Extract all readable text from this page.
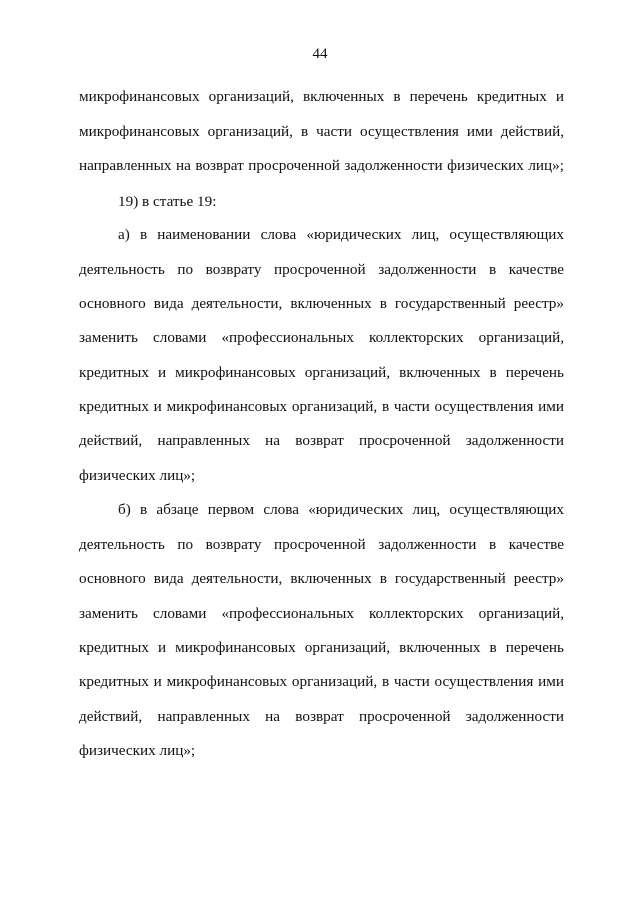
44
микрофинансовых организаций, включенных в перечень кредитных и
микрофинансовых организаций, в части осуществления ими действий,
направленных на возврат просроченной задолженности физических лиц»;
19) в статье 19:
а) в наименовании слова «юридических лиц, осуществляющих
деятельность по возврату просроченной задолженности в качестве
основного вида деятельности, включенных в государственный реестр»
заменить словами «профессиональных коллекторских организаций,
кредитных и микрофинансовых организаций, включенных в перечень
кредитных и микрофинансовых организаций, в части осуществления ими
действий, направленных на возврат просроченной задолженности
физических лиц»;
б) в абзаце первом слова «юридических лиц, осуществляющих
деятельность по возврату просроченной задолженности в качестве
основного вида деятельности, включенных в государственный реестр»
заменить словами «профессиональных коллекторских организаций,
кредитных и микрофинансовых организаций, включенных в перечень
кредитных и микрофинансовых организаций, в части осуществления ими
действий, направленных на возврат просроченной задолженности
физических лиц»;
